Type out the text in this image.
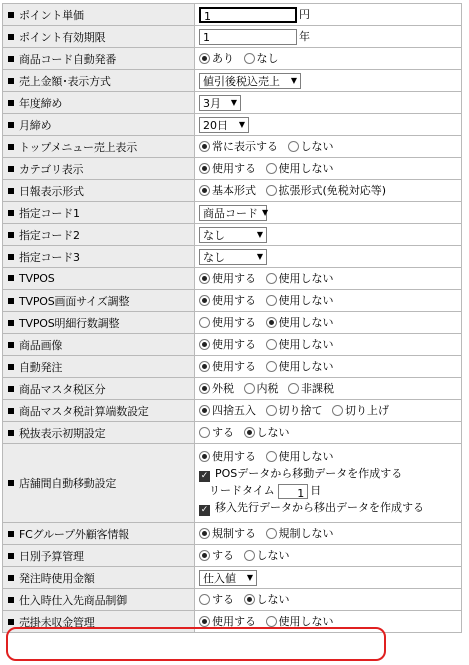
ポイント単価	1 円
ポイント有効期限	1 年
商品コード自動発番	あり
なし

売上金額･表示方式	値引後税込売上 ▼

年度締め	3月 ▼

月締め	20日 ▼

トップメニュー売上表示	常に表示する
しない

カテゴリ表示	使用する
使用しない

日報表示形式	基本形式
拡張形式(免税対応等)

指定コード1	商品コード ▼

指定コード2	なし ▼

指定コード3	なし ▼

TVPOS	使用する
使用しない

TVPOS画面サイズ調整	使用する
使用しない

TVPOS明細行数調整	使用する
使用しない

商品画像	使用する
使用しない

自動発注	使用する
使用しない

商品マスタ税区分	外税
内税
非課税

商品マスタ税計算端数設定	四捨五入
切り捨て
切り上げ

税抜表示初期設定	する
しない

店舗間自動移動設定	使用する
使用しない
✓ POSデータから移動データを作成する
リードタイム 1 日
✓ 移入先行データから移出データを作成する

FCグループ外顧客情報	規制する
規制しない

日別予算管理	する
しない

発注時使用金額	仕入値 ▼

仕入時仕入先商品制御	する
しない

売掛未収金管理	使用する
使用しない
